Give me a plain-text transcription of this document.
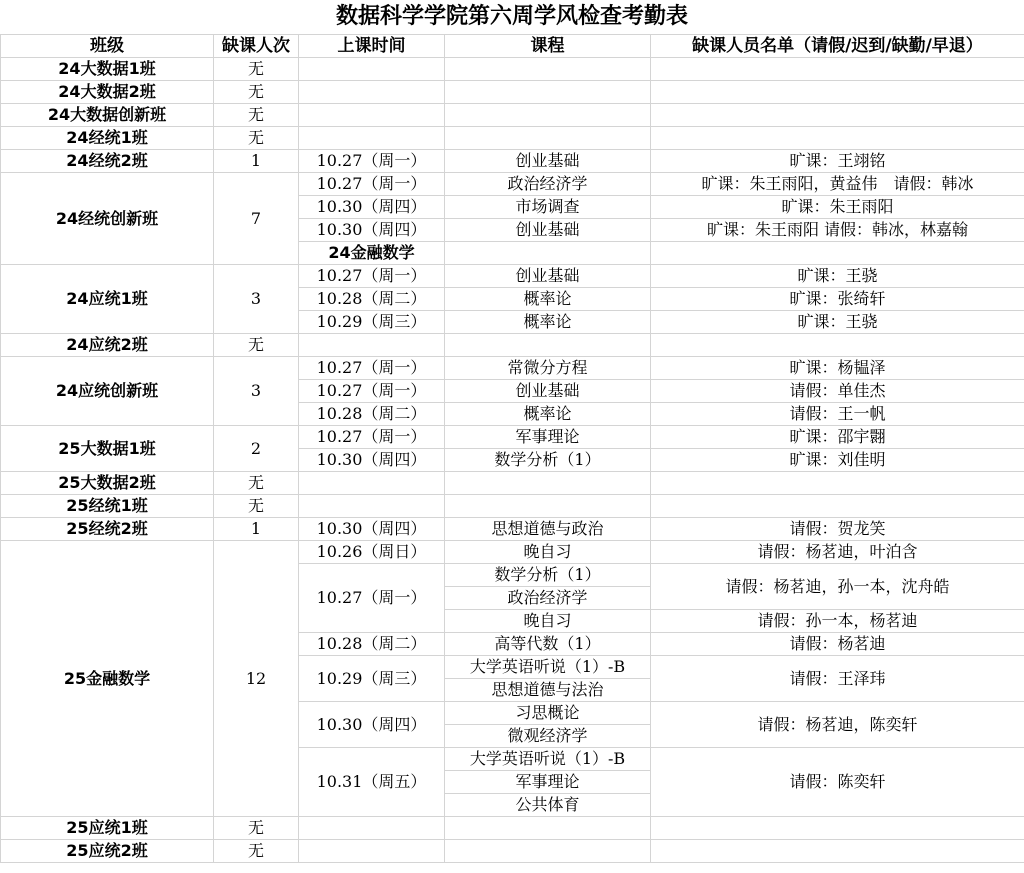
数据科学学院第六周学风检查考勤表
班级	缺课人次	上课时间	课程	缺课人员名单（请假/迟到/缺勤/早退）	
24大数据1班	无				
24大数据2班	无				
24大数据创新班	无				
24经统1班	无				
24经统2班	1	10.27（周一）	创业基础	旷课：王翊铭	
24经统创新班	7	10.27（周一）	政治经济学	旷课：朱王雨阳，黄益伟　请假：韩冰	
		10.30（周四）	市场调查	旷课：朱王雨阳	
		10.30（周四）	创业基础	旷课：朱王雨阳 请假：韩冰，林嘉翰	
		24金融数学				
24应统1班	3	10.27（周一）	创业基础	旷课：王骁	
		10.28（周二）	概率论	旷课：张绮轩	
		10.29（周三）	概率论	旷课：王骁	
24应统2班	无				
24应统创新班	3	10.27（周一）	常微分方程	旷课：杨韫泽	
		10.27（周一）	创业基础	请假：单佳杰	
		10.28（周二）	概率论	请假：王一帆	
25大数据1班	2	10.27（周一）	军事理论	旷课：邵宇翾	
		10.30（周四）	数学分析（1）	旷课：刘佳明	
25大数据2班	无				
25经统1班	无				
25经统2班	1	10.30（周四）	思想道德与政治	请假：贺龙笑	
25金融数学	12	10.26（周日）	晚自习	请假：杨茗迪，叶泊含	
		10.27（周一）	数学分析（1）	请假：杨茗迪，孙一本，沈舟皓	
			政治经济学		
			晚自习	请假：孙一本，杨茗迪	
		10.28（周二）	高等代数（1）	请假：杨茗迪	
		10.29（周三）	大学英语听说（1）-B	请假：王泽玮	
			思想道德与法治		
		10.30（周四）	习思概论	请假：杨茗迪，陈奕轩	
			微观经济学		
		10.31（周五）	大学英语听说（1）-B	请假：陈奕轩	
			军事理论		
			公共体育		
25应统1班	无				
25应统2班	无				
